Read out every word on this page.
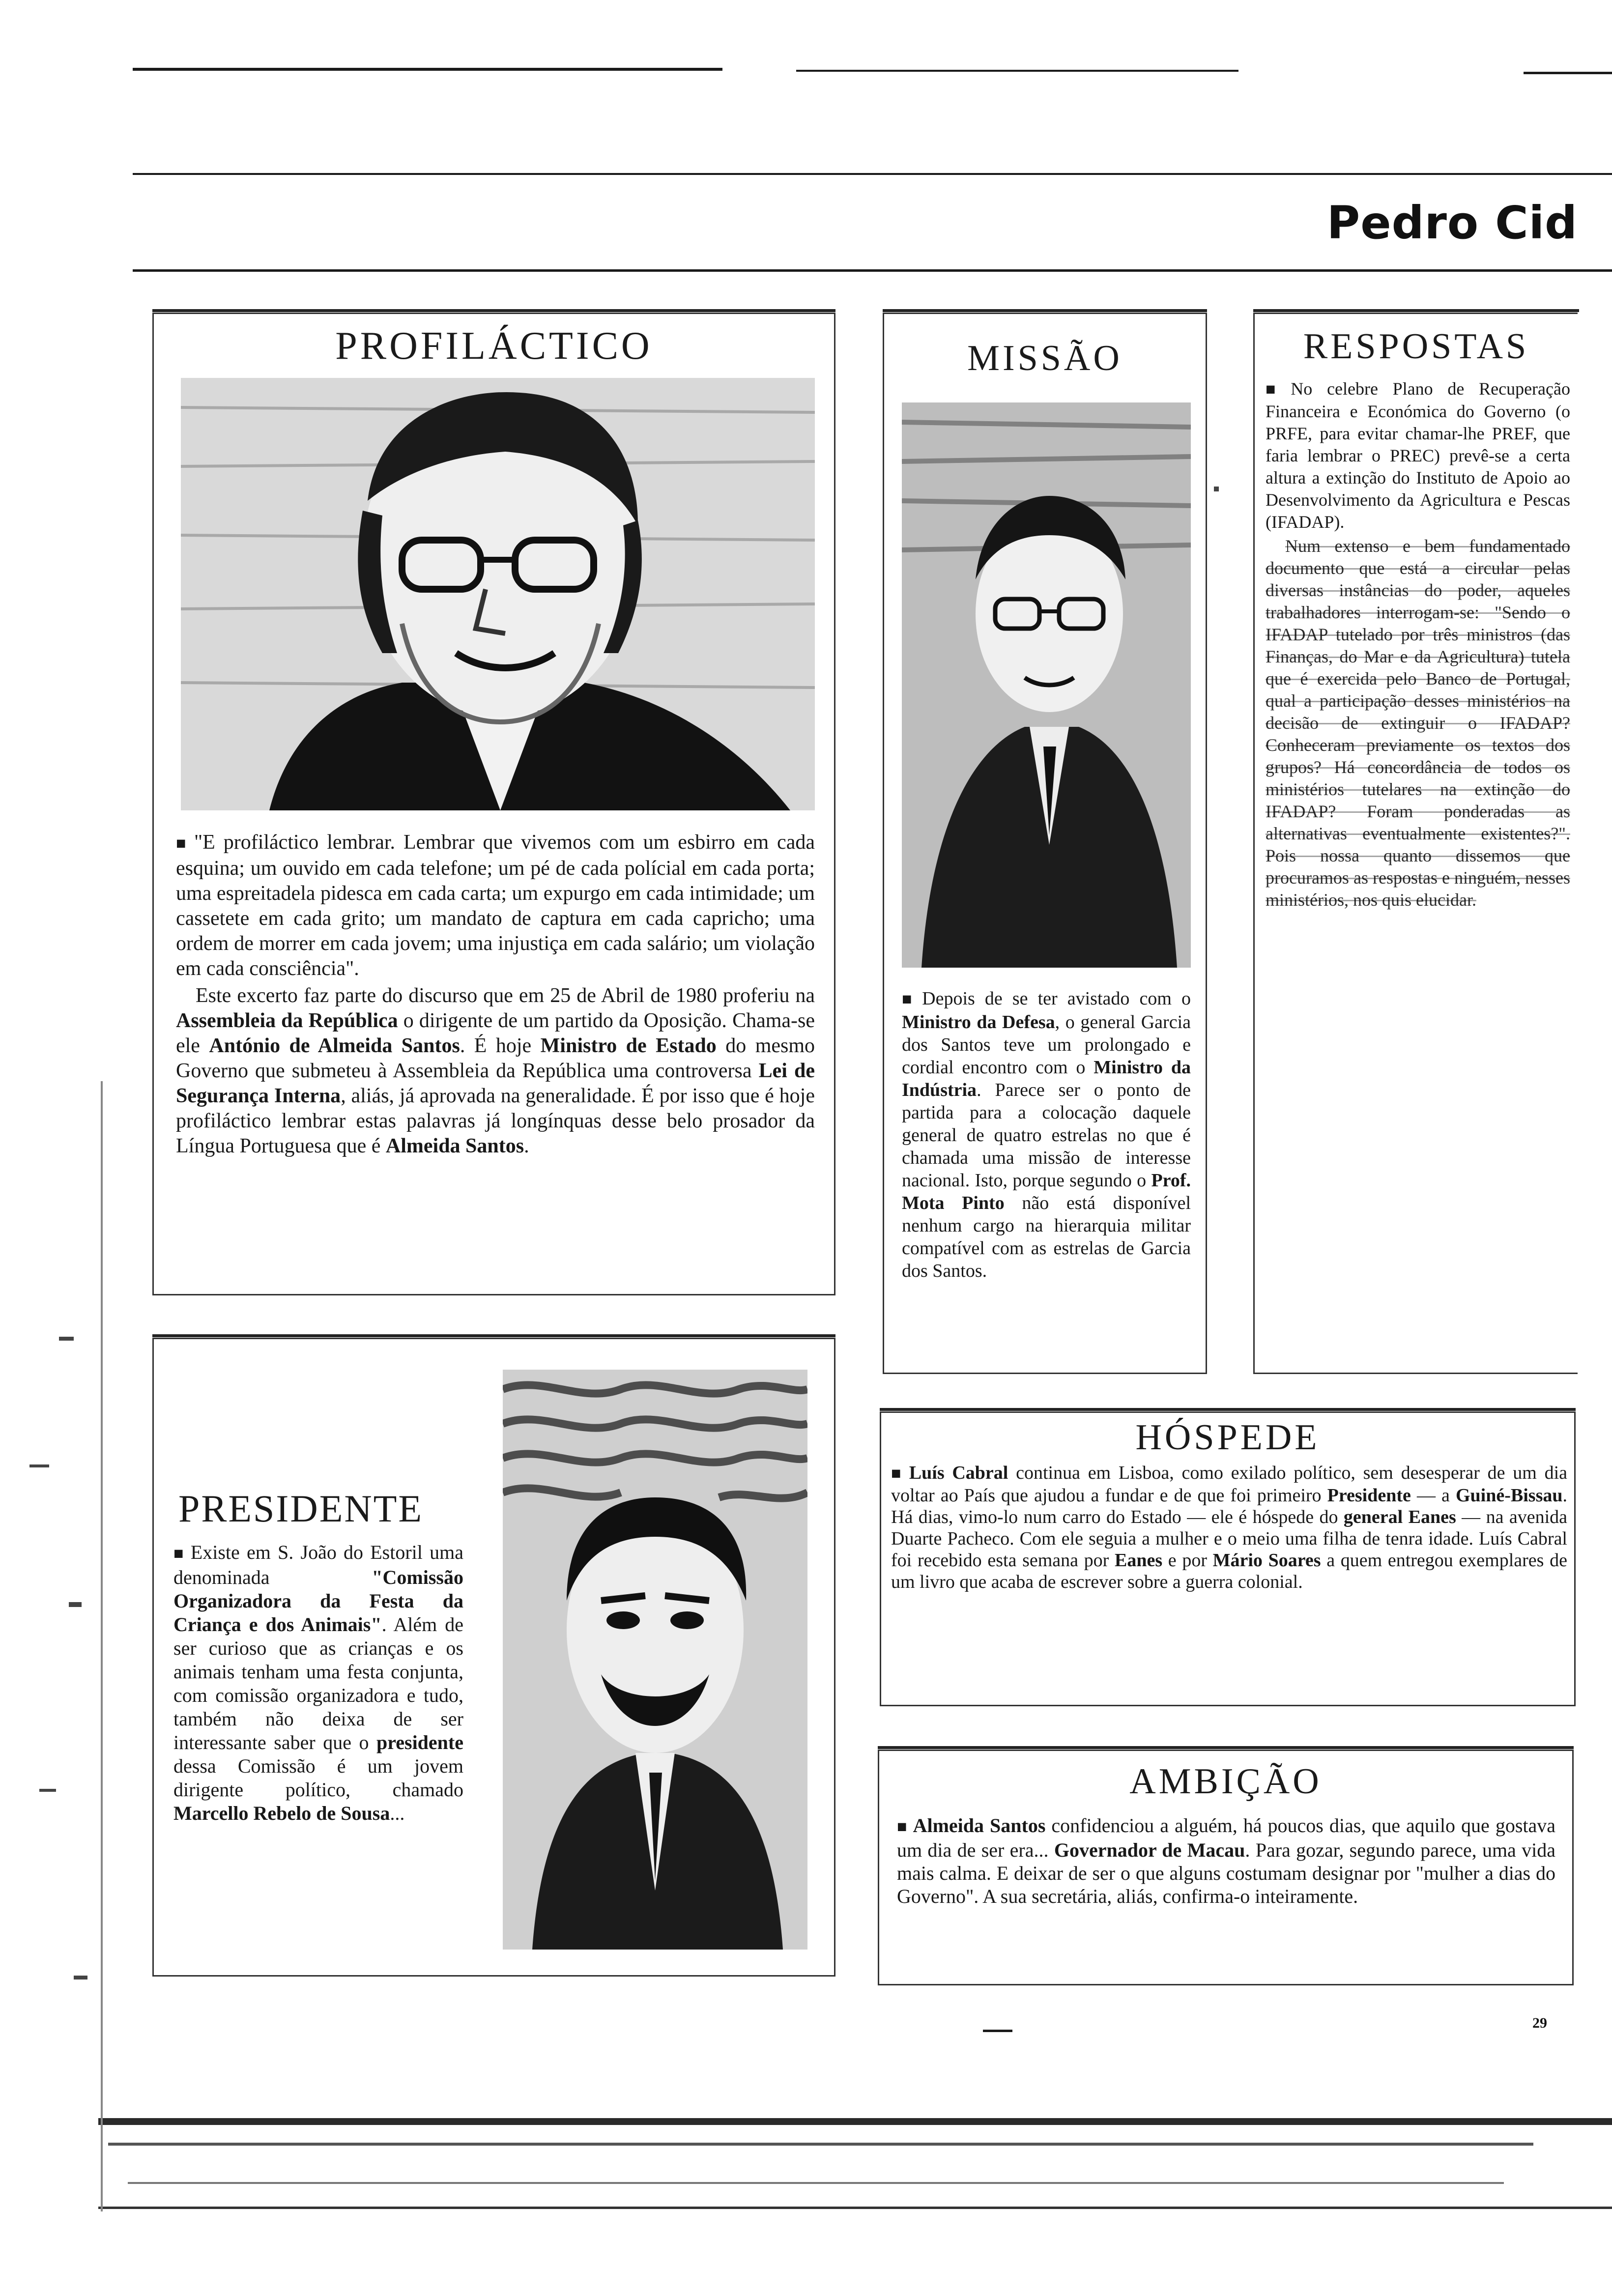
Pedro Cid
PROFILÁCTICO

■ "E profiláctico lembrar. Lembrar que vivemos com um esbirro em cada esquina; um ouvido em cada telefone; um pé de cada polícial em cada porta; uma espreitadela pidesca em cada carta; um expurgo em cada intimidade; um cassetete em cada grito; um mandato de captura em cada capricho; uma ordem de morrer em cada jovem; uma injustiça em cada salário; um violação em cada consciência".

Este excerto faz parte do discurso que em 25 de Abril de 1980 proferiu na Assembleia da República o dirigente de um partido da Oposição. Chama-se ele António de Almeida Santos. É hoje Ministro de Estado do mesmo Governo que submeteu à Assembleia da República uma controversa Lei de Segurança Interna, aliás, já aprovada na generalidade. É por isso que é hoje profiláctico lembrar estas palavras já longínquas desse belo prosador da Língua Portuguesa que é Almeida Santos.

MISSÃO

■ Depois de se ter avistado com o Ministro da Defesa, o general Garcia dos Santos teve um prolongado e cordial encontro com o Ministro da Indústria. Parece ser o ponto de partida para a colocação daquele general de quatro estrelas no que é chamada uma missão de interesse nacional. Isto, porque segundo o Prof. Mota Pinto não está disponível nenhum cargo na hierarquia militar compatível com as estrelas de Garcia dos Santos.

RESPOSTAS

■ No celebre Plano de Recuperação Financeira e Económica do Governo (o PRFE, para evitar chamar-lhe PREF, que faria lembrar o PREC) prevê-se a certa altura a extinção do Instituto de Apoio ao Desenvolvimento da Agricultura e Pescas (IFADAP).

Num extenso e bem fundamentado documento que está a circular pelas diversas instâncias do poder, aqueles trabalhadores interrogam-se: "Sendo o IFADAP tutelado por três ministros (das Finanças, do Mar e da Agricultura) tutela que é exercida pelo Banco de Portugal, qual a participação desses ministérios na decisão de extinguir o IFADAP? Conheceram previamente os textos dos grupos? Há concordância de todos os ministérios tutelares na extinção do IFADAP? Foram ponderadas as alternativas eventualmente existentes?". Pois nossa quanto dissemos que procuramos as respostas e ninguém, nesses ministérios, nos quis elucidar.

PRESIDENTE

■ Existe em S. João do Estoril uma denominada "Comissão Organizadora da Festa da Criança e dos Animais". Além de ser curioso que as crianças e os animais tenham uma festa conjunta, com comissão organizadora e tudo, também não deixa de ser interessante saber que o presidente dessa Comissão é um jovem dirigente político, chamado Marcello Rebelo de Sousa...

HÓSPEDE

■ Luís Cabral continua em Lisboa, como exilado político, sem desesperar de um dia voltar ao País que ajudou a fundar e de que foi primeiro Presidente — a Guiné-Bissau. Há dias, vimo-lo num carro do Estado — ele é hóspede do general Eanes — na avenida Duarte Pacheco. Com ele seguia a mulher e o meio uma filha de tenra idade. Luís Cabral foi recebido esta semana por Eanes e por Mário Soares a quem entregou exemplares de um livro que acaba de escrever sobre a guerra colonial.

AMBIÇÃO

■ Almeida Santos confidenciou a alguém, há poucos dias, que aquilo que gostava um dia de ser era... Governador de Macau. Para gozar, segundo parece, uma vida mais calma. E deixar de ser o que alguns costumam designar por "mulher a dias do Governo". A sua secretária, aliás, confirma-o inteiramente.

29
